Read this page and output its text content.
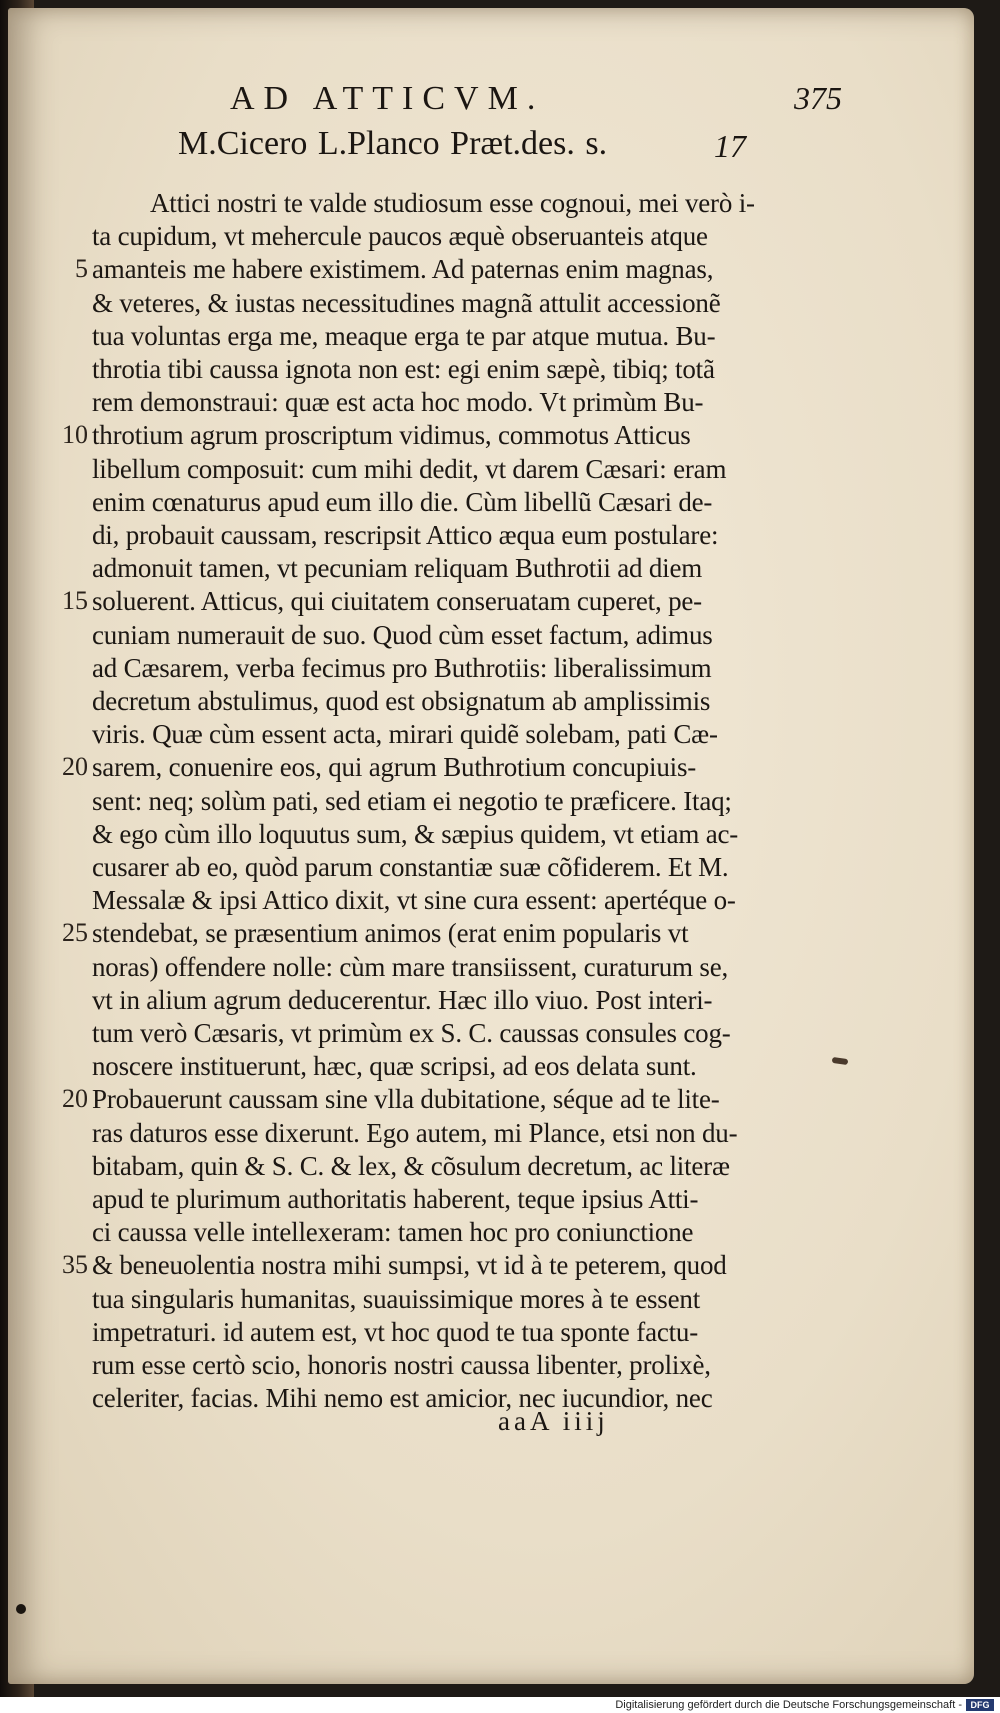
AD ATTICVM.	375
M.Cicero L.Planco Prӕt.des. s.	17
Attici nostri te valde studiosum esse cognoui, mei verò i-
ta cupidum, vt mehercule paucos æquè obseruanteis atque
amanteis me habere existimem. Ad paternas enim magnas,
& veteres, & iustas necessitudines magnã attulit accessionẽ
tua voluntas erga me, meaque erga te par atque mutua. Bu-
throtia tibi caussa ignota non est: egi enim sæpè, tibiq; totã
rem demonstraui: quæ est acta hoc modo. Vt primùm Bu-
throtium agrum proscriptum vidimus, commotus Atticus
libellum composuit: cum mihi dedit, vt darem Cæsari: eram
enim cœnaturus apud eum illo die. Cùm libellũ Cæsari de-
di, probauit caussam, rescripsit Attico æqua eum postulare:
admonuit tamen, vt pecuniam reliquam Buthrotii ad diem
soluerent. Atticus, qui ciuitatem conseruatam cuperet, pe-
cuniam numerauit de suo. Quod cùm esset factum, adimus
ad Cæsarem, verba fecimus pro Buthrotiis: liberalissimum
decretum abstulimus, quod est obsignatum ab amplissimis
viris. Quæ cùm essent acta, mirari quidẽ solebam, pati Cæ-
sarem, conuenire eos, qui agrum Buthrotium concupiuis-
sent: neq; solùm pati, sed etiam ei negotio te præficere. Itaq;
& ego cùm illo loquutus sum, & sæpius quidem, vt etiam ac-
cusarer ab eo, quòd parum constantiæ suæ cõfiderem. Et M.
Messalæ & ipsi Attico dixit, vt sine cura essent: apertéque o-
stendebat, se præsentium animos (erat enim popularis vt
noras) offendere nolle: cùm mare transiissent, curaturum se,
vt in alium agrum deducerentur. Hæc illo viuo. Post interi-
tum verò Cæsaris, vt primùm ex S. C. caussas consules cog-
noscere instituerunt, hæc, quæ scripsi, ad eos delata sunt.
Probauerunt caussam sine vlla dubitatione, séque ad te lite-
ras daturos esse dixerunt. Ego autem, mi Plance, etsi non du-
bitabam, quin & S. C. & lex, & cõsulum decretum, ac literæ
apud te plurimum authoritatis haberent, teque ipsius Atti-
ci caussa velle intellexeram: tamen hoc pro coniunctione
& beneuolentia nostra mihi sumpsi, vt id à te peterem, quod
tua singularis humanitas, suauissimique mores à te essent
impetraturi. id autem est, vt hoc quod te tua sponte factu-
rum esse certò scio, honoris nostri caussa libenter, prolixè,
celeriter, facias. Mihi nemo est amicior, nec iucundior, nec
5
10
15
20
25
20
35
aaA iiij
Digitalisierung gefördert durch die Deutsche Forschungsgemeinschaft - DFG
